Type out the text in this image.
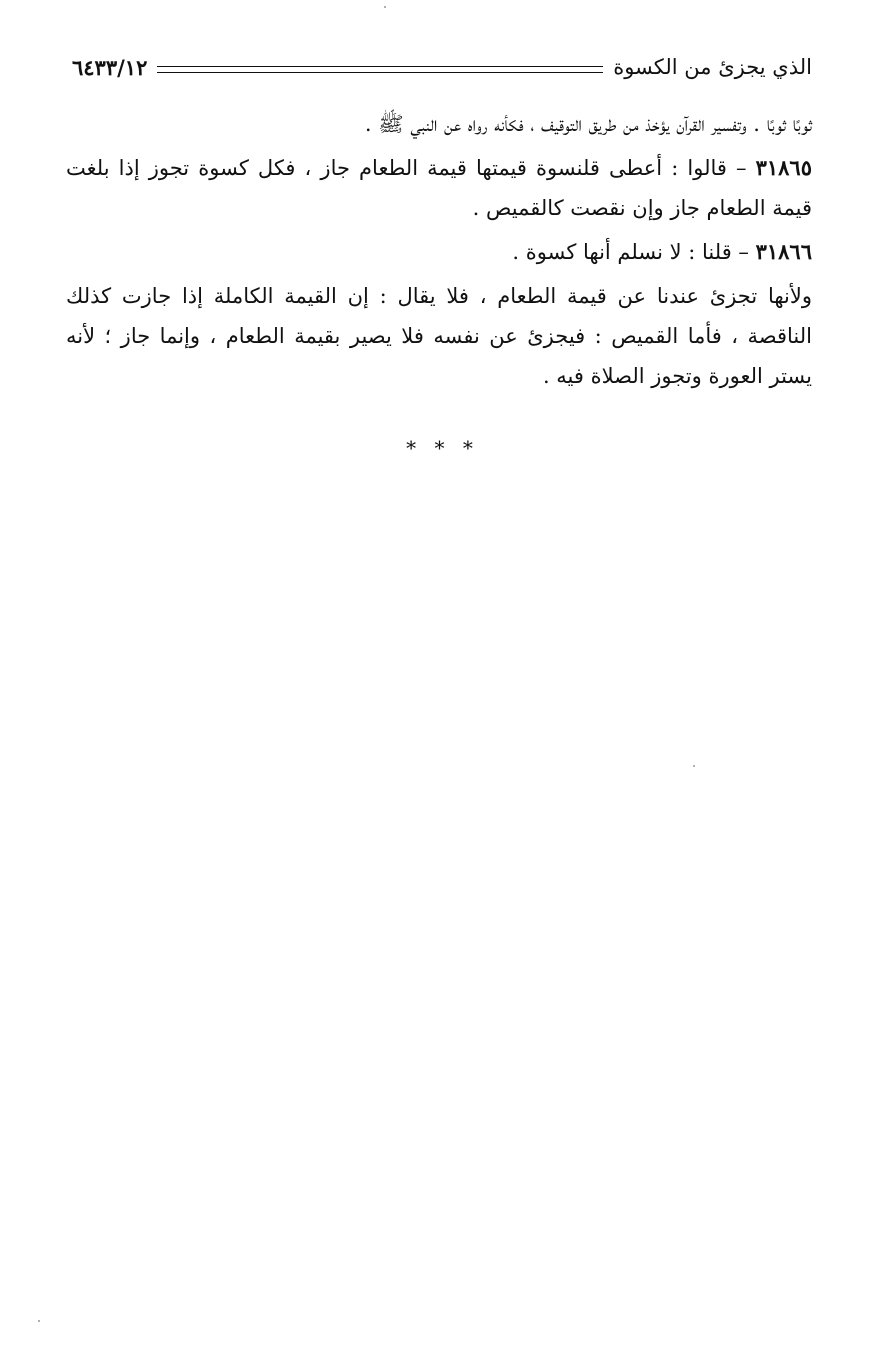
الذي يجزئ من الكسوة
٦٤٣٣/١٢

ثوبًا ثوبًا . وتفسير القرآن يؤخذ من طريق التوقيف ، فكأنه رواه عن النبي ﷺ .

٣١٨٦٥ – قالوا : أعطى قلنسوة قيمتها قيمة الطعام جاز ، فكل كسوة تجوز إذا بلغت قيمة الطعام جاز وإن نقصت كالقميص .

٣١٨٦٦ – قلنا : لا نسلم أنها كسوة .

ولأنها تجزئ عندنا عن قيمة الطعام ، فلا يقال : إن القيمة الكاملة إذا جازت كذلك الناقصة ، فأما القميص : فيجزئ عن نفسه فلا يصير بقيمة الطعام ، وإنما جاز ؛ لأنه يستر العورة وتجوز الصلاة فيه .

* * *
